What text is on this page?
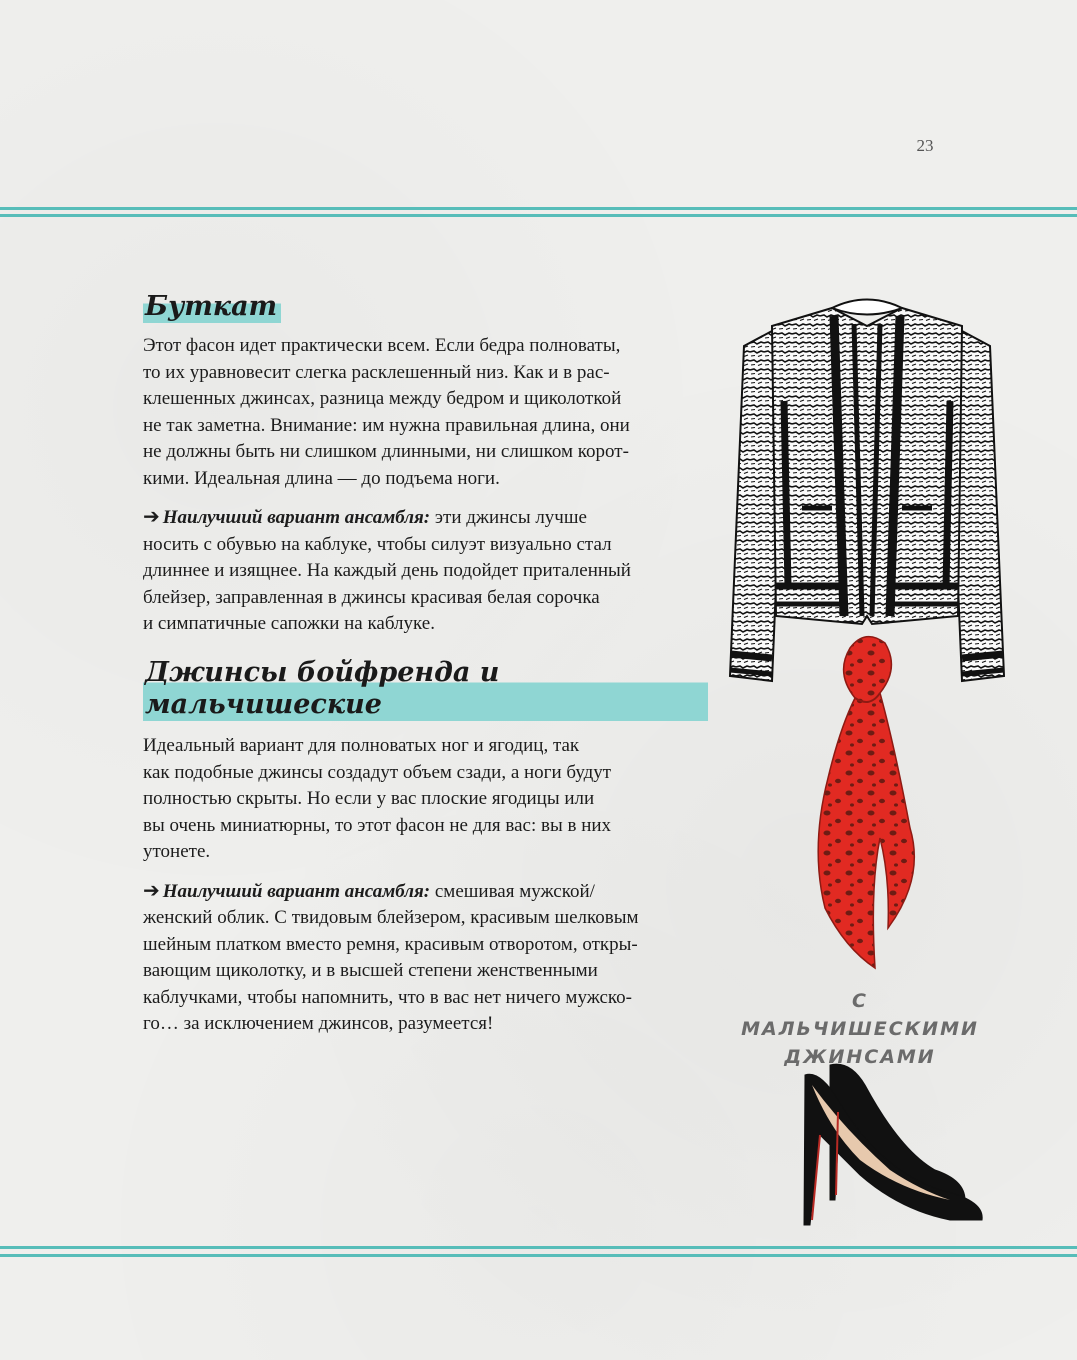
23
Буткат

Этот фасон идет практически всем. Если бедра полноваты,
то их уравновесит слегка расклешенный низ. Как и в рас-
клешенных джинсах, разница между бедром и щиколоткой
не так заметна. Внимание: им нужна правильная длина, они
не должны быть ни слишком длинными, ни слишком корот-
кими. Идеальная длина — до подъема ноги.

➔ Наилучший вариант ансамбля: эти джинсы лучше
носить с обувью на каблуке, чтобы силуэт визуально стал
длиннее и изящнее. На каждый день подойдет приталенный
блейзер, заправленная в джинсы красивая белая сорочка
и симпатичные сапожки на каблуке.

Джинсы бойфренда и мальчишеские

Идеальный вариант для полноватых ног и ягодиц, так
как подобные джинсы создадут объем сзади, а ноги будут
полностью скрыты. Но если у вас плоские ягодицы или
вы очень миниатюрны, то этот фасон не для вас: вы в них
утонете.

➔ Наилучший вариант ансамбля: смешивая мужской/
женский облик. С твидовым блейзером, красивым шелковым
шейным платком вместо ремня, красивым отворотом, откры-
вающим щиколотку, и в высшей степени женственными
каблучками, чтобы напомнить, что в вас нет ничего мужско-
го… за исключением джинсов, разумеется!

С МАЛЬЧИШЕСКИМИ
ДЖИНСАМИ
